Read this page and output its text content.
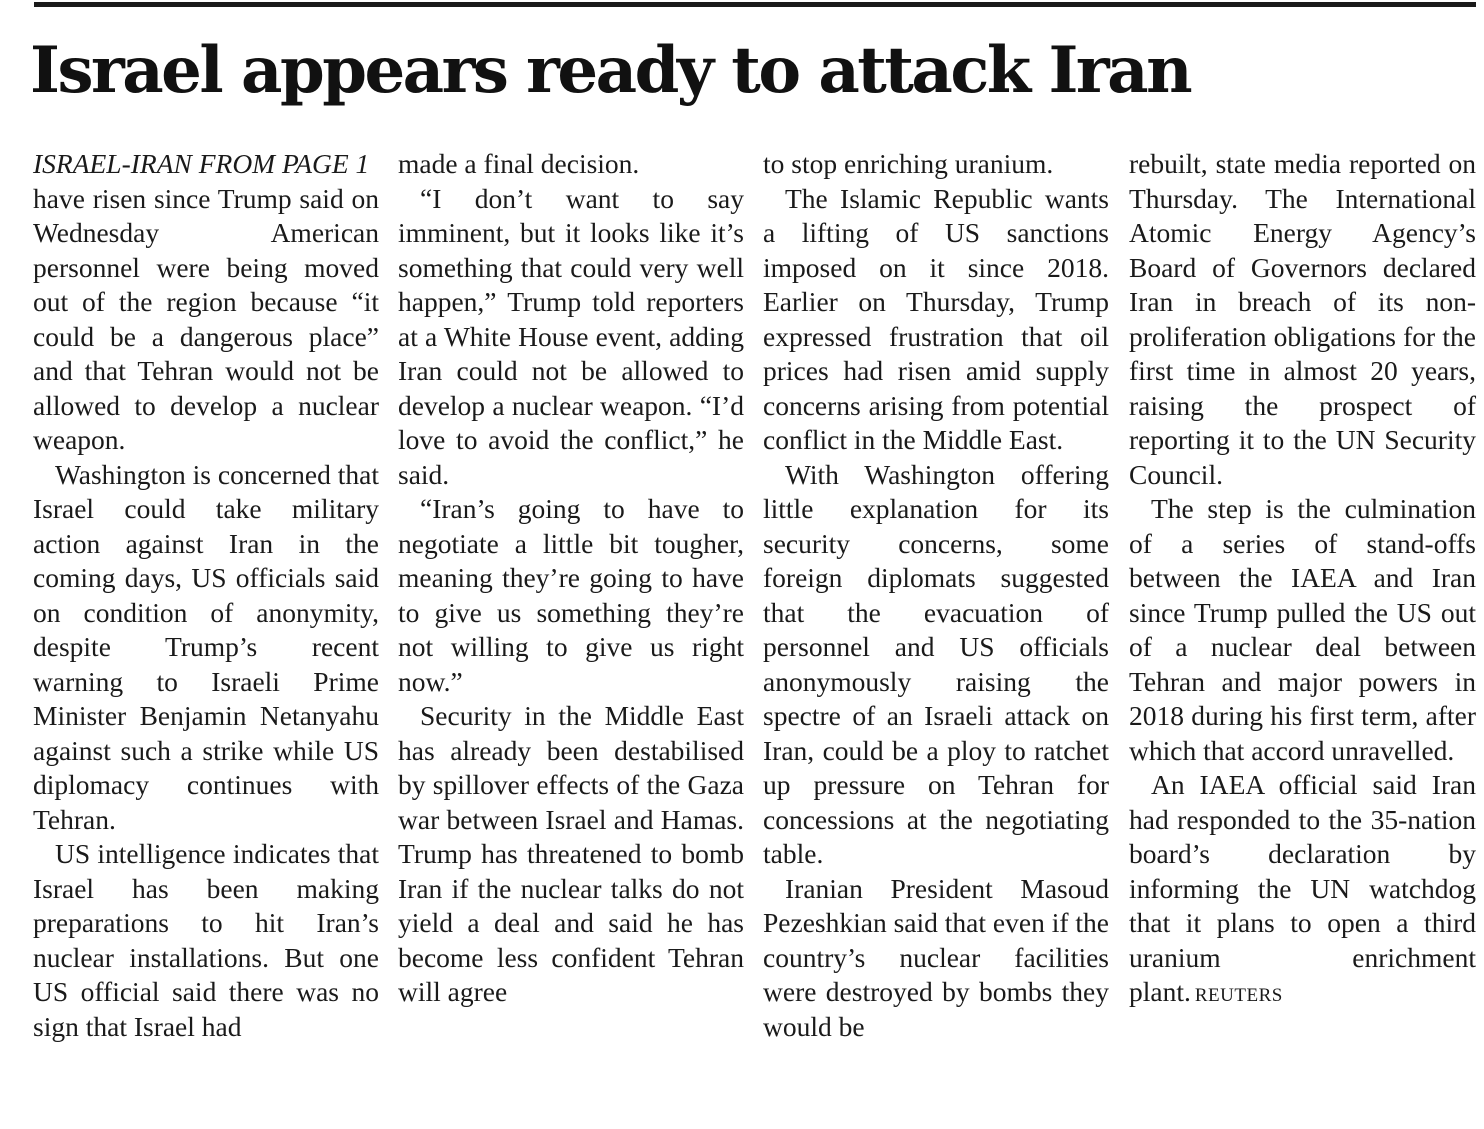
Israel appears ready to attack Iran

ISRAEL-IRAN FROM PAGE 1

have risen since Trump said on Wednesday American personnel were being moved out of the region because “it could be a dangerous place” and that Tehran would not be allowed to develop a nuclear weapon.

Washington is concerned that Israel could take military action against Iran in the coming days, US officials said on condition of anonymity, despite Trump’s recent warning to Israeli Prime Minister Benjamin Netanyahu against such a strike while US diplomacy continues with Tehran.

US intelligence indicates that Israel has been making preparations to hit Iran’s nuclear installations. But one US official said there was no sign that Israel had

made a final decision.

“I don’t want to say imminent, but it looks like it’s something that could very well happen,” Trump told reporters at a White House event, adding Iran could not be allowed to develop a nuclear weapon. “I’d love to avoid the conflict,” he said.

“Iran’s going to have to negotiate a little bit tougher, meaning they’re going to have to give us something they’re not willing to give us right now.”

Security in the Middle East has already been destabilised by spillover effects of the Gaza war between Israel and Hamas. Trump has threatened to bomb Iran if the nuclear talks do not yield a deal and said he has become less confident Tehran will agree

to stop enriching uranium.

The Islamic Republic wants a lifting of US sanctions imposed on it since 2018. Earlier on Thursday, Trump expressed frustration that oil prices had risen amid supply concerns arising from potential conflict in the Middle East.

With Washington offering little explanation for its security concerns, some foreign diplomats suggested that the evacuation of personnel and US officials anonymously raising the spectre of an Israeli attack on Iran, could be a ploy to ratchet up pressure on Tehran for concessions at the negotiating table.

Iranian President Masoud Pezeshkian said that even if the country’s nuclear facilities were destroyed by bombs they would be

rebuilt, state media reported on Thursday. The International Atomic Energy Agency’s Board of Governors declared Iran in breach of its non-proliferation obligations for the first time in almost 20 years, raising the prospect of reporting it to the UN Security Council.

The step is the culmination of a series of stand-offs between the IAEA and Iran since Trump pulled the US out of a nuclear deal between Tehran and major powers in 2018 during his first term, after which that accord unravelled.

An IAEA official said Iran had responded to the 35-nation board’s declaration by informing the UN watchdog that it plans to open a third uranium enrichment plant. REUTERS
